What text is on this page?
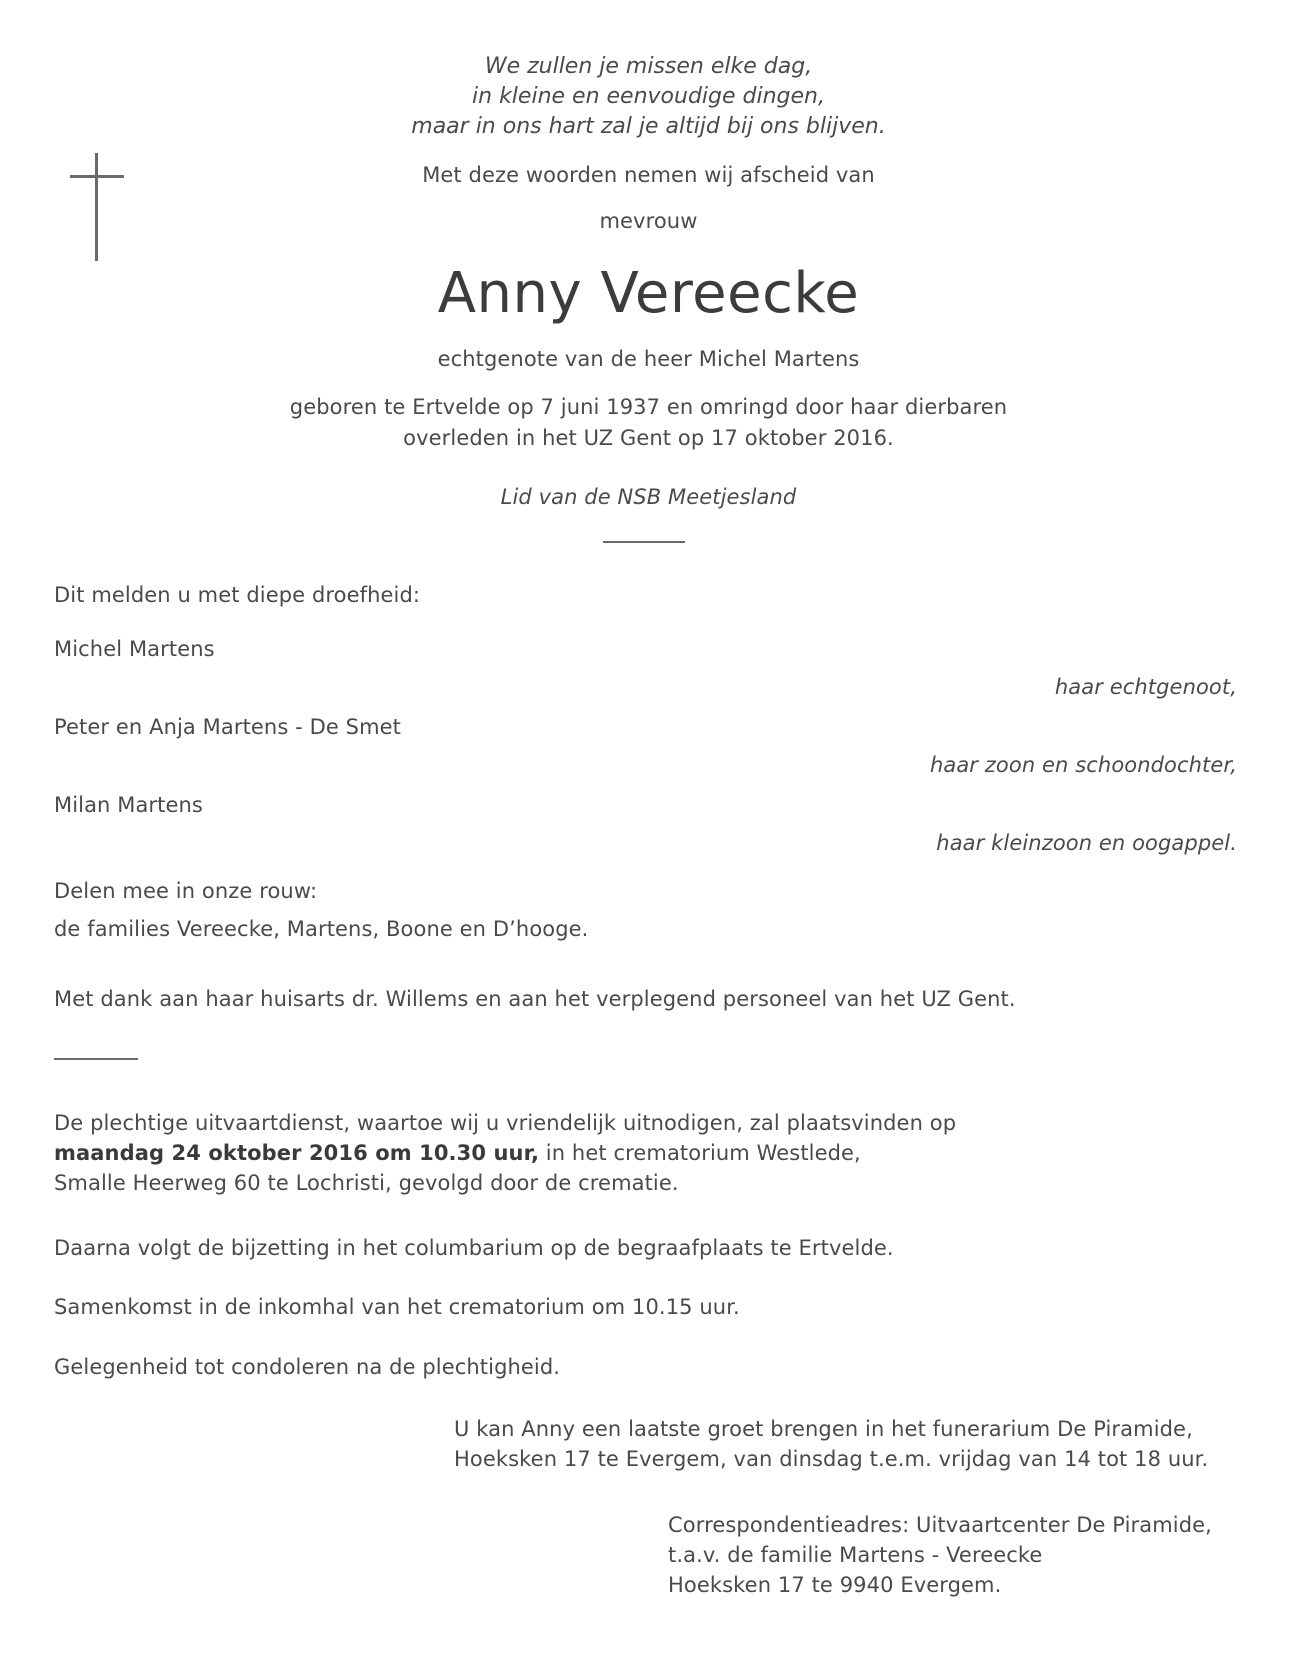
We zullen je missen elke dag,
in kleine en eenvoudige dingen,
maar in ons hart zal je altijd bij ons blijven.
Met deze woorden nemen wij afscheid van
mevrouw
Anny Vereecke
echtgenote van de heer Michel Martens
geboren te Ertvelde op 7 juni 1937 en omringd door haar dierbaren
overleden in het UZ Gent op 17 oktober 2016.
Lid van de NSB Meetjesland
Dit melden u met diepe droefheid:
Michel Martens
haar echtgenoot,
Peter en Anja Martens - De Smet
haar zoon en schoondochter,
Milan Martens
haar kleinzoon en oogappel.
Delen mee in onze rouw:
de families Vereecke, Martens, Boone en D’hooge.
Met dank aan haar huisarts dr. Willems en aan het verplegend personeel van het UZ Gent.
De plechtige uitvaartdienst, waartoe wij u vriendelijk uitnodigen, zal plaatsvinden op
maandag 24 oktober 2016 om 10.30 uur, in het crematorium Westlede,
Smalle Heerweg 60 te Lochristi, gevolgd door de crematie.
Daarna volgt de bijzetting in het columbarium op de begraafplaats te Ertvelde.
Samenkomst in de inkomhal van het crematorium om 10.15 uur.
Gelegenheid tot condoleren na de plechtigheid.
U kan Anny een laatste groet brengen in het funerarium De Piramide,
Hoeksken 17 te Evergem, van dinsdag t.e.m. vrijdag van 14 tot 18 uur.
Correspondentieadres: Uitvaartcenter De Piramide,
t.a.v. de familie Martens - Vereecke
Hoeksken 17 te 9940 Evergem.
